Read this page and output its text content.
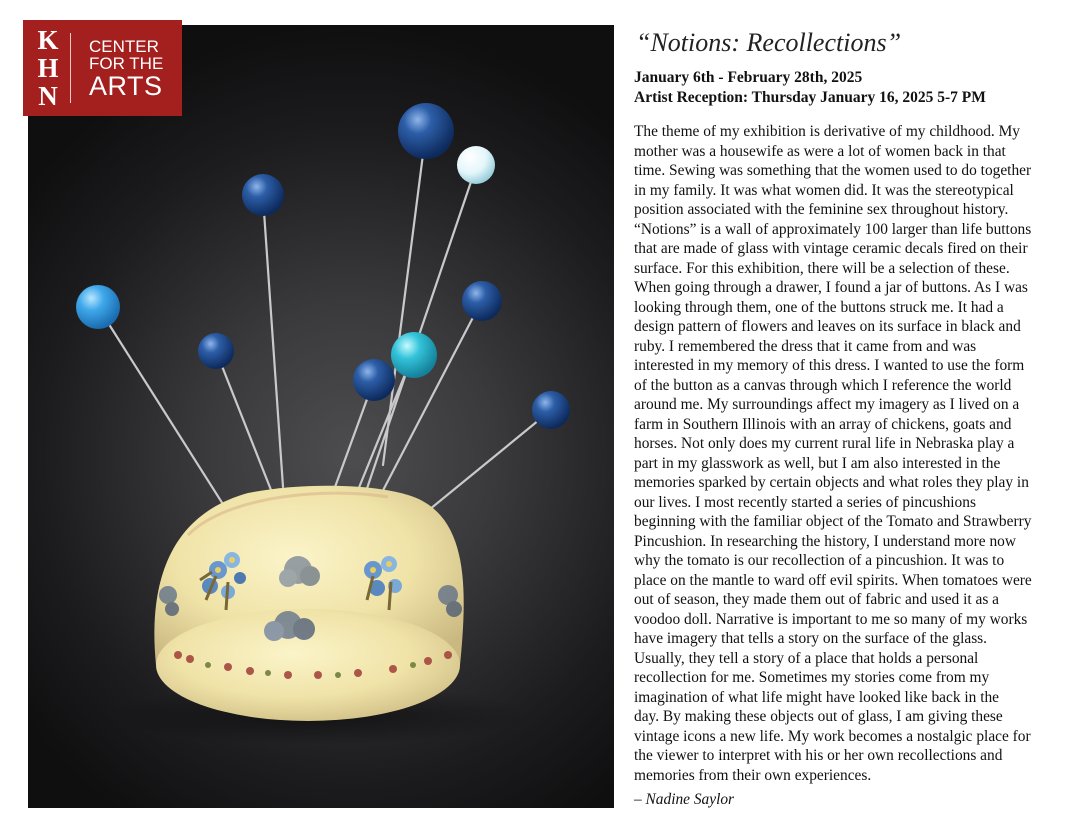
K
H
N
CENTER
FOR THE
ARTS
“Notions: Recollections”
January 6th - February 28th, 2025
Artist Reception: Thursday January 16, 2025 5-7 PM
The theme of my exhibition is derivative of my childhood. My
mother was a housewife as were a lot of women back in that
time. Sewing was something that the women used to do together
in my family. It was what women did. It was the stereotypical
position associated with the feminine sex throughout history.
“Notions” is a wall of approximately 100 larger than life buttons
that are made of glass with vintage ceramic decals fired on their
surface. For this exhibition, there will be a selection of these.
When going through a drawer, I found a jar of buttons. As I was
looking through them, one of the buttons struck me. It had a
design pattern of flowers and leaves on its surface in black and
ruby. I remembered the dress that it came from and was
interested in my memory of this dress. I wanted to use the form
of the button as a canvas through which I reference the world
around me. My surroundings affect my imagery as I lived on a
farm in Southern Illinois with an array of chickens, goats and
horses. Not only does my current rural life in Nebraska play a
part in my glasswork as well, but I am also interested in the
memories sparked by certain objects and what roles they play in
our lives. I most recently started a series of pincushions
beginning with the familiar object of the Tomato and Strawberry
Pincushion. In researching the history, I understand more now
why the tomato is our recollection of a pincushion. It was to
place on the mantle to ward off evil spirits. When tomatoes were
out of season, they made them out of fabric and used it as a
voodoo doll. Narrative is important to me so many of my works
have imagery that tells a story on the surface of the glass.
Usually, they tell a story of a place that holds a personal
recollection for me. Sometimes my stories come from my
imagination of what life might have looked like back in the
day. By making these objects out of glass, I am giving these
vintage icons a new life. My work becomes a nostalgic place for
the viewer to interpret with his or her own recollections and
memories from their own experiences.
– Nadine Saylor
